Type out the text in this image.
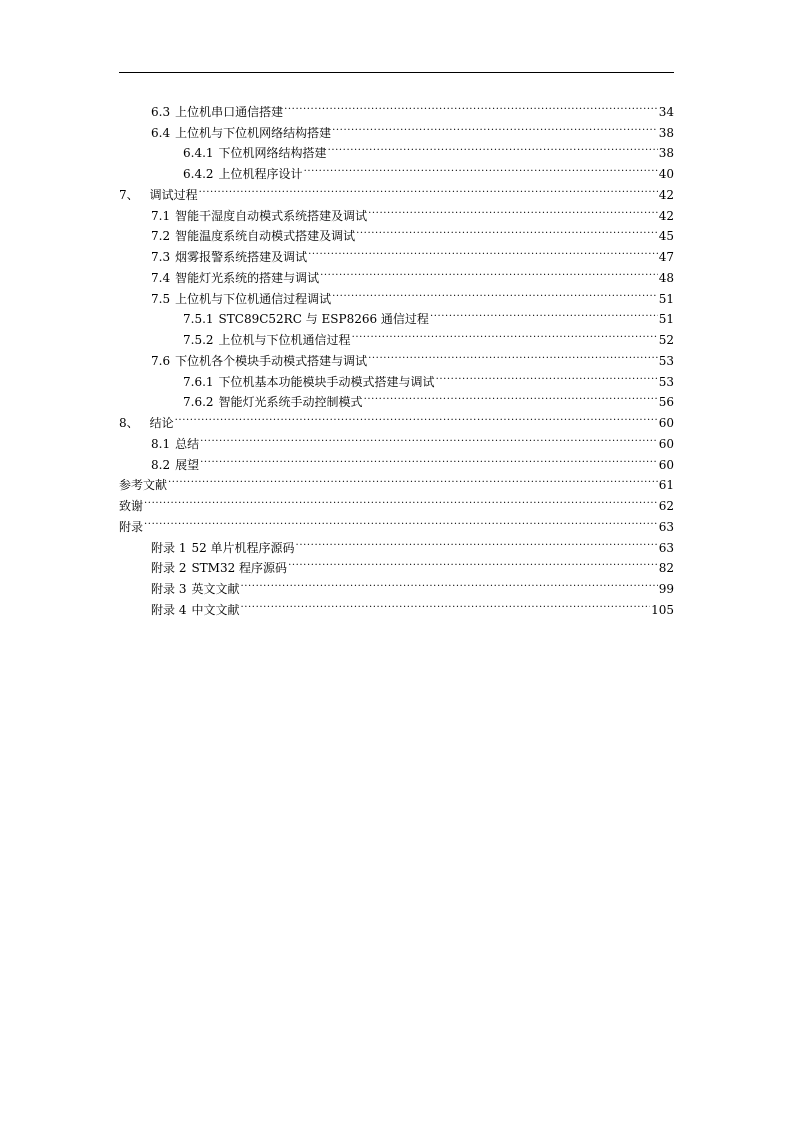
6.3 上位机串口通信搭建 .....	34
6.4 上位机与下位机网络结构搭建 .....	38
6.4.1 下位机网络结构搭建 .....	38
6.4.2 上位机程序设计 .....	40
7、 调试过程 .....	42
7.1 智能干湿度自动模式系统搭建及调试 .....	42
7.2 智能温度系统自动模式搭建及调试 .....	45
7.3 烟雾报警系统搭建及调试 .....	47
7.4 智能灯光系统的搭建与调试 .....	48
7.5 上位机与下位机通信过程调试 .....	51
7.5.1 STC89C52RC 与 ESP8266 通信过程 .....	51
7.5.2 上位机与下位机通信过程 .....	52
7.6 下位机各个模块手动模式搭建与调试 .....	53
7.6.1 下位机基本功能模块手动模式搭建与调试 .....	53
7.6.2 智能灯光系统手动控制模式 .....	56
8、 结论 .....	60
8.1 总结 .....	60
8.2 展望 .....	60
参考文献 .....	61
致谢 .....	62
附录 .....	63
附录 1 52 单片机程序源码 .....	63
附录 2 STM32 程序源码 .....	82
附录 3 英文文献 .....	99
附录 4 中文文献 .....	105
